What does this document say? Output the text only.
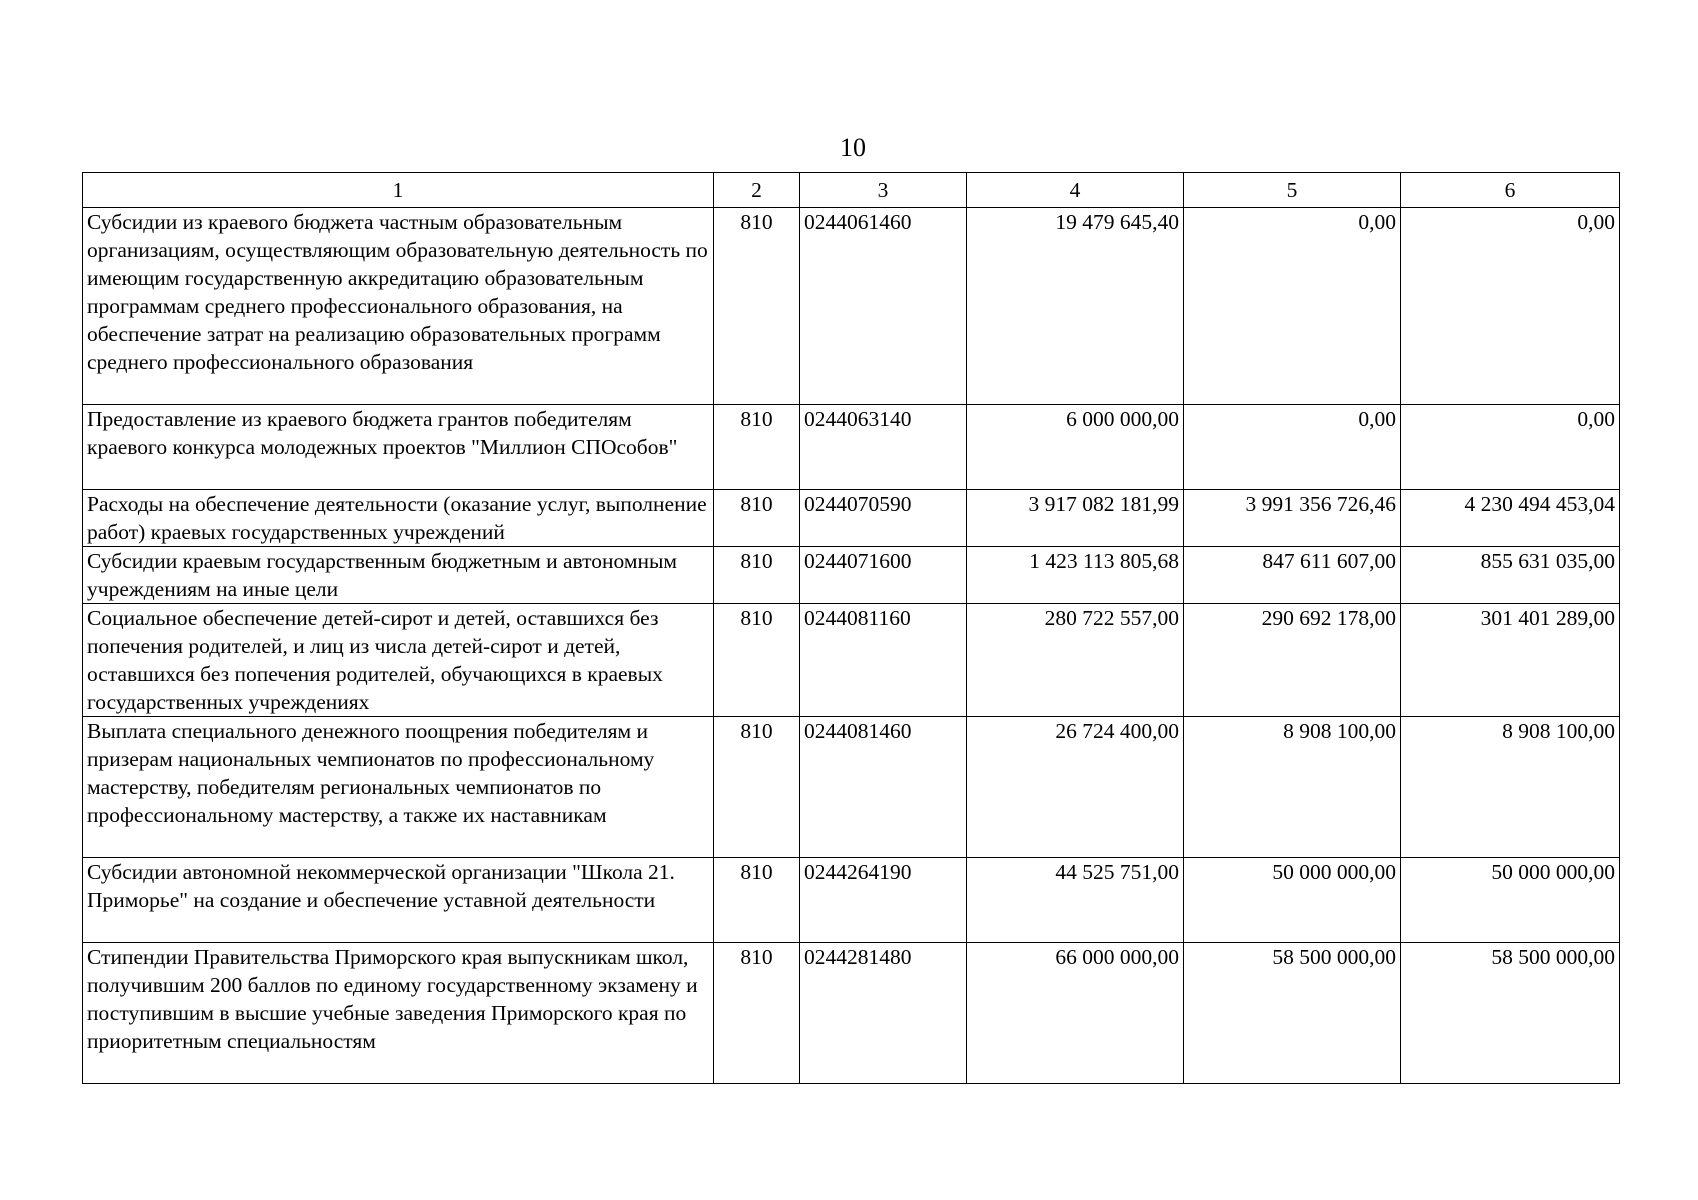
10
1	2	3	4	5	6
Субсидии из краевого бюджета частным образовательным организациям, осуществляющим образовательную деятельность по имеющим государственную аккредитацию образовательным программам среднего профессионального образования, на обеспечение затрат на реализацию образовательных программ среднего профессионального образования	810	0244061460	19 479 645,40	0,00	0,00
Предоставление из краевого бюджета грантов победителям краевого конкурса молодежных проектов "Миллион СПОсобов"	810	0244063140	6 000 000,00	0,00	0,00
Расходы на обеспечение деятельности (оказание услуг, выполнение работ) краевых государственных учреждений	810	0244070590	3 917 082 181,99	3 991 356 726,46	4 230 494 453,04
Субсидии краевым государственным бюджетным и автономным учреждениям на иные цели	810	0244071600	1 423 113 805,68	847 611 607,00	855 631 035,00
Социальное обеспечение детей-сирот и детей, оставшихся без попечения родителей, и лиц из числа детей-сирот и детей, оставшихся без попечения родителей, обучающихся в краевых государственных учреждениях	810	0244081160	280 722 557,00	290 692 178,00	301 401 289,00
Выплата специального денежного поощрения победителям и призерам национальных чемпионатов по профессиональному мастерству, победителям региональных чемпионатов по профессиональному мастерству, а также их наставникам	810	0244081460	26 724 400,00	8 908 100,00	8 908 100,00
Субсидии автономной некоммерческой организации "Школа 21. Приморье" на создание и обеспечение уставной деятельности	810	0244264190	44 525 751,00	50 000 000,00	50 000 000,00
Стипендии Правительства Приморского края выпускникам школ, получившим 200 баллов по единому государственному экзамену и поступившим в высшие учебные заведения Приморского края по приоритетным специальностям	810	0244281480	66 000 000,00	58 500 000,00	58 500 000,00
